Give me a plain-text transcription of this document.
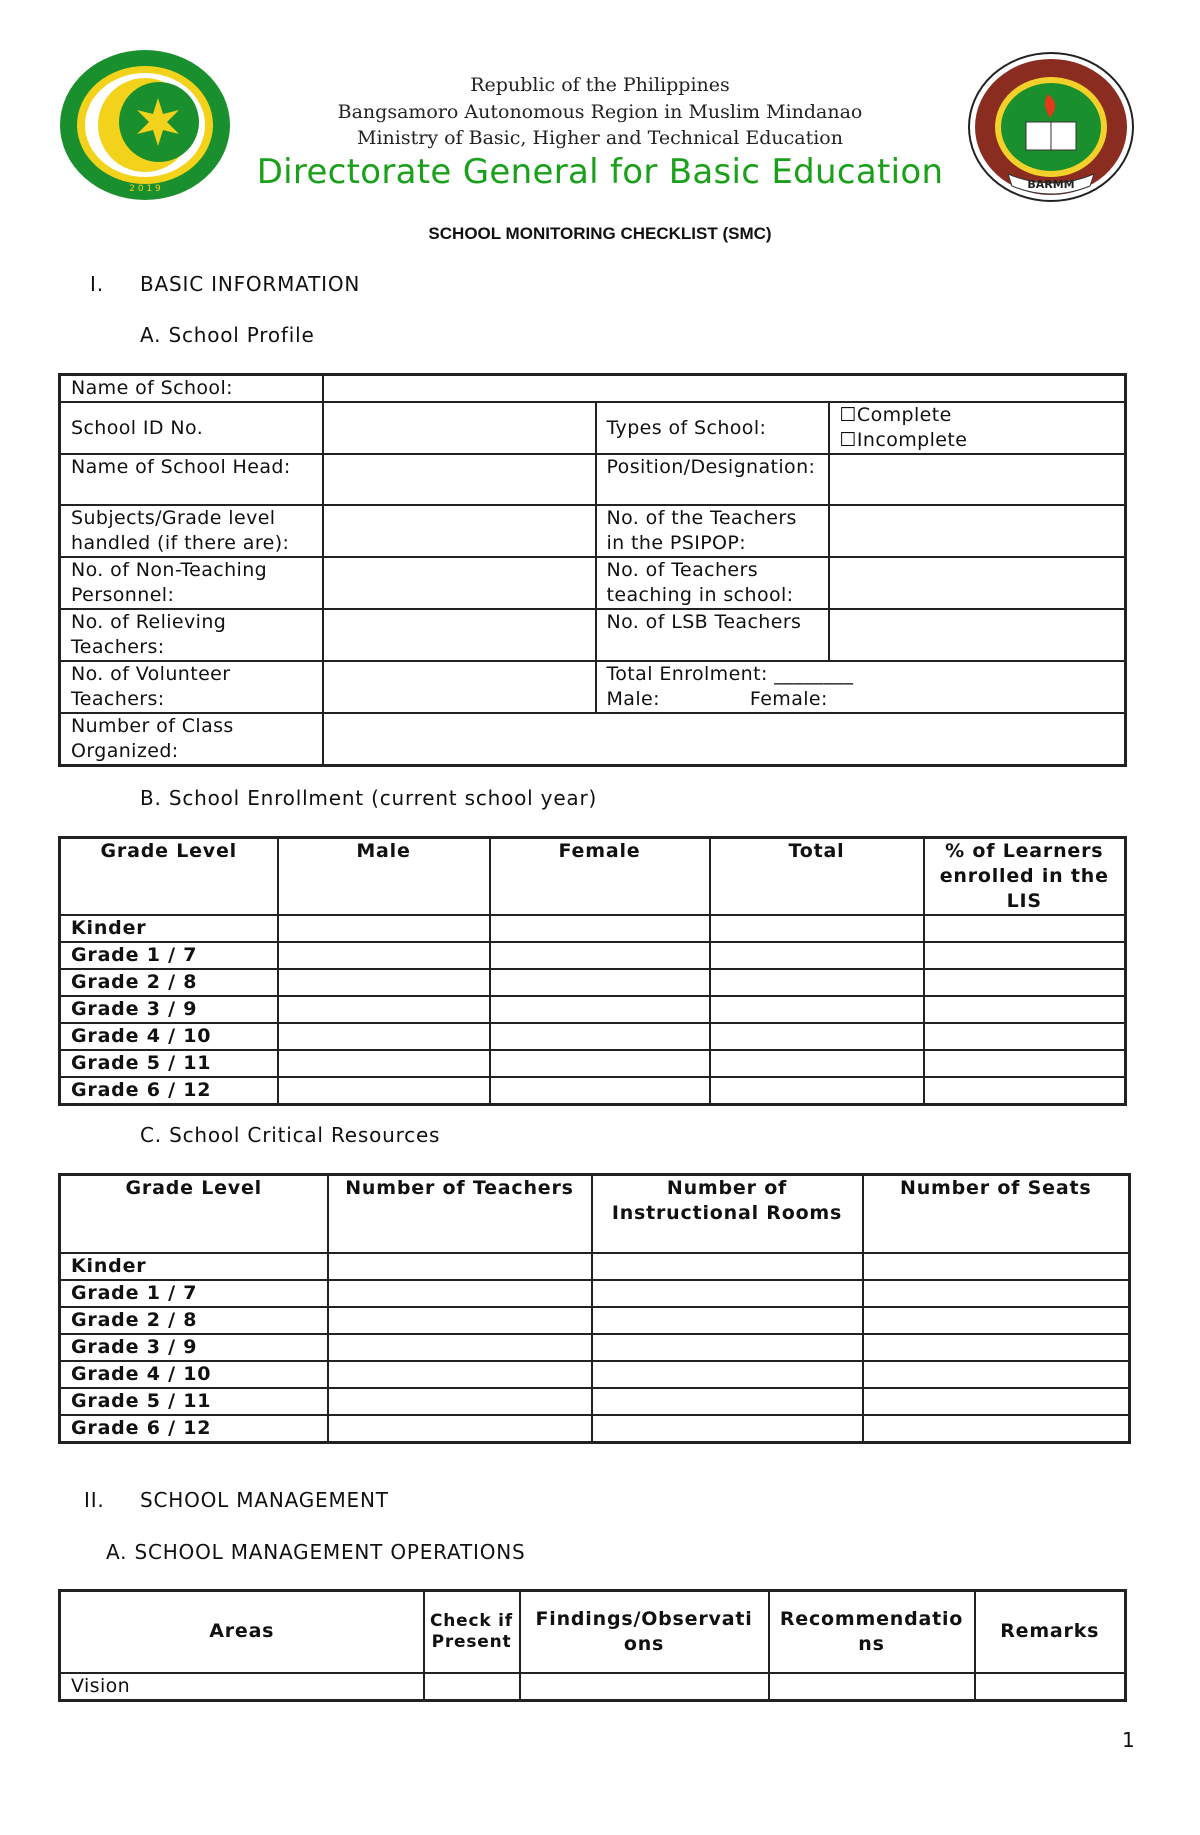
2 0 1 9	BARMM
Republic of the Philippines
Bangsamoro Autonomous Region in Muslim Mindanao
Ministry of Basic, Higher and Technical Education
Directorate General for Basic Education
SCHOOL MONITORING CHECKLIST (SMC)
I. BASIC INFORMATION
A. School Profile
Name of School:			
School ID No.		Types of School:	☐Complete
☐Incomplete

Name of School Head:		Position/Designation:	
Subjects/Grade level handled (if there are):		No. of the Teachers in the PSIPOP:	
No. of Non-Teaching Personnel:		No. of Teachers teaching in school:	
No. of Relieving Teachers:		No. of LSB Teachers	
No. of Volunteer Teachers:		Total Enrolment: ________
Male: Female:	

Number of Class Organized:			
B. School Enrollment (current school year)
Grade Level	Male	Female	Total	% of Learners enrolled in the LIS
Kinder				
Grade 1 / 7				
Grade 2 / 8				
Grade 3 / 9				
Grade 4 / 10				
Grade 5 / 11				
Grade 6 / 12				
C. School Critical Resources
Grade Level	Number of Teachers	Number of Instructional Rooms	Number of Seats
Kinder			
Grade 1 / 7			
Grade 2 / 8			
Grade 3 / 9			
Grade 4 / 10			
Grade 5 / 11			
Grade 6 / 12			
II. SCHOOL MANAGEMENT
A. SCHOOL MANAGEMENT OPERATIONS
Areas	Check if Present	Findings/Observations	Recommendations	Remarks
Vision				
1
